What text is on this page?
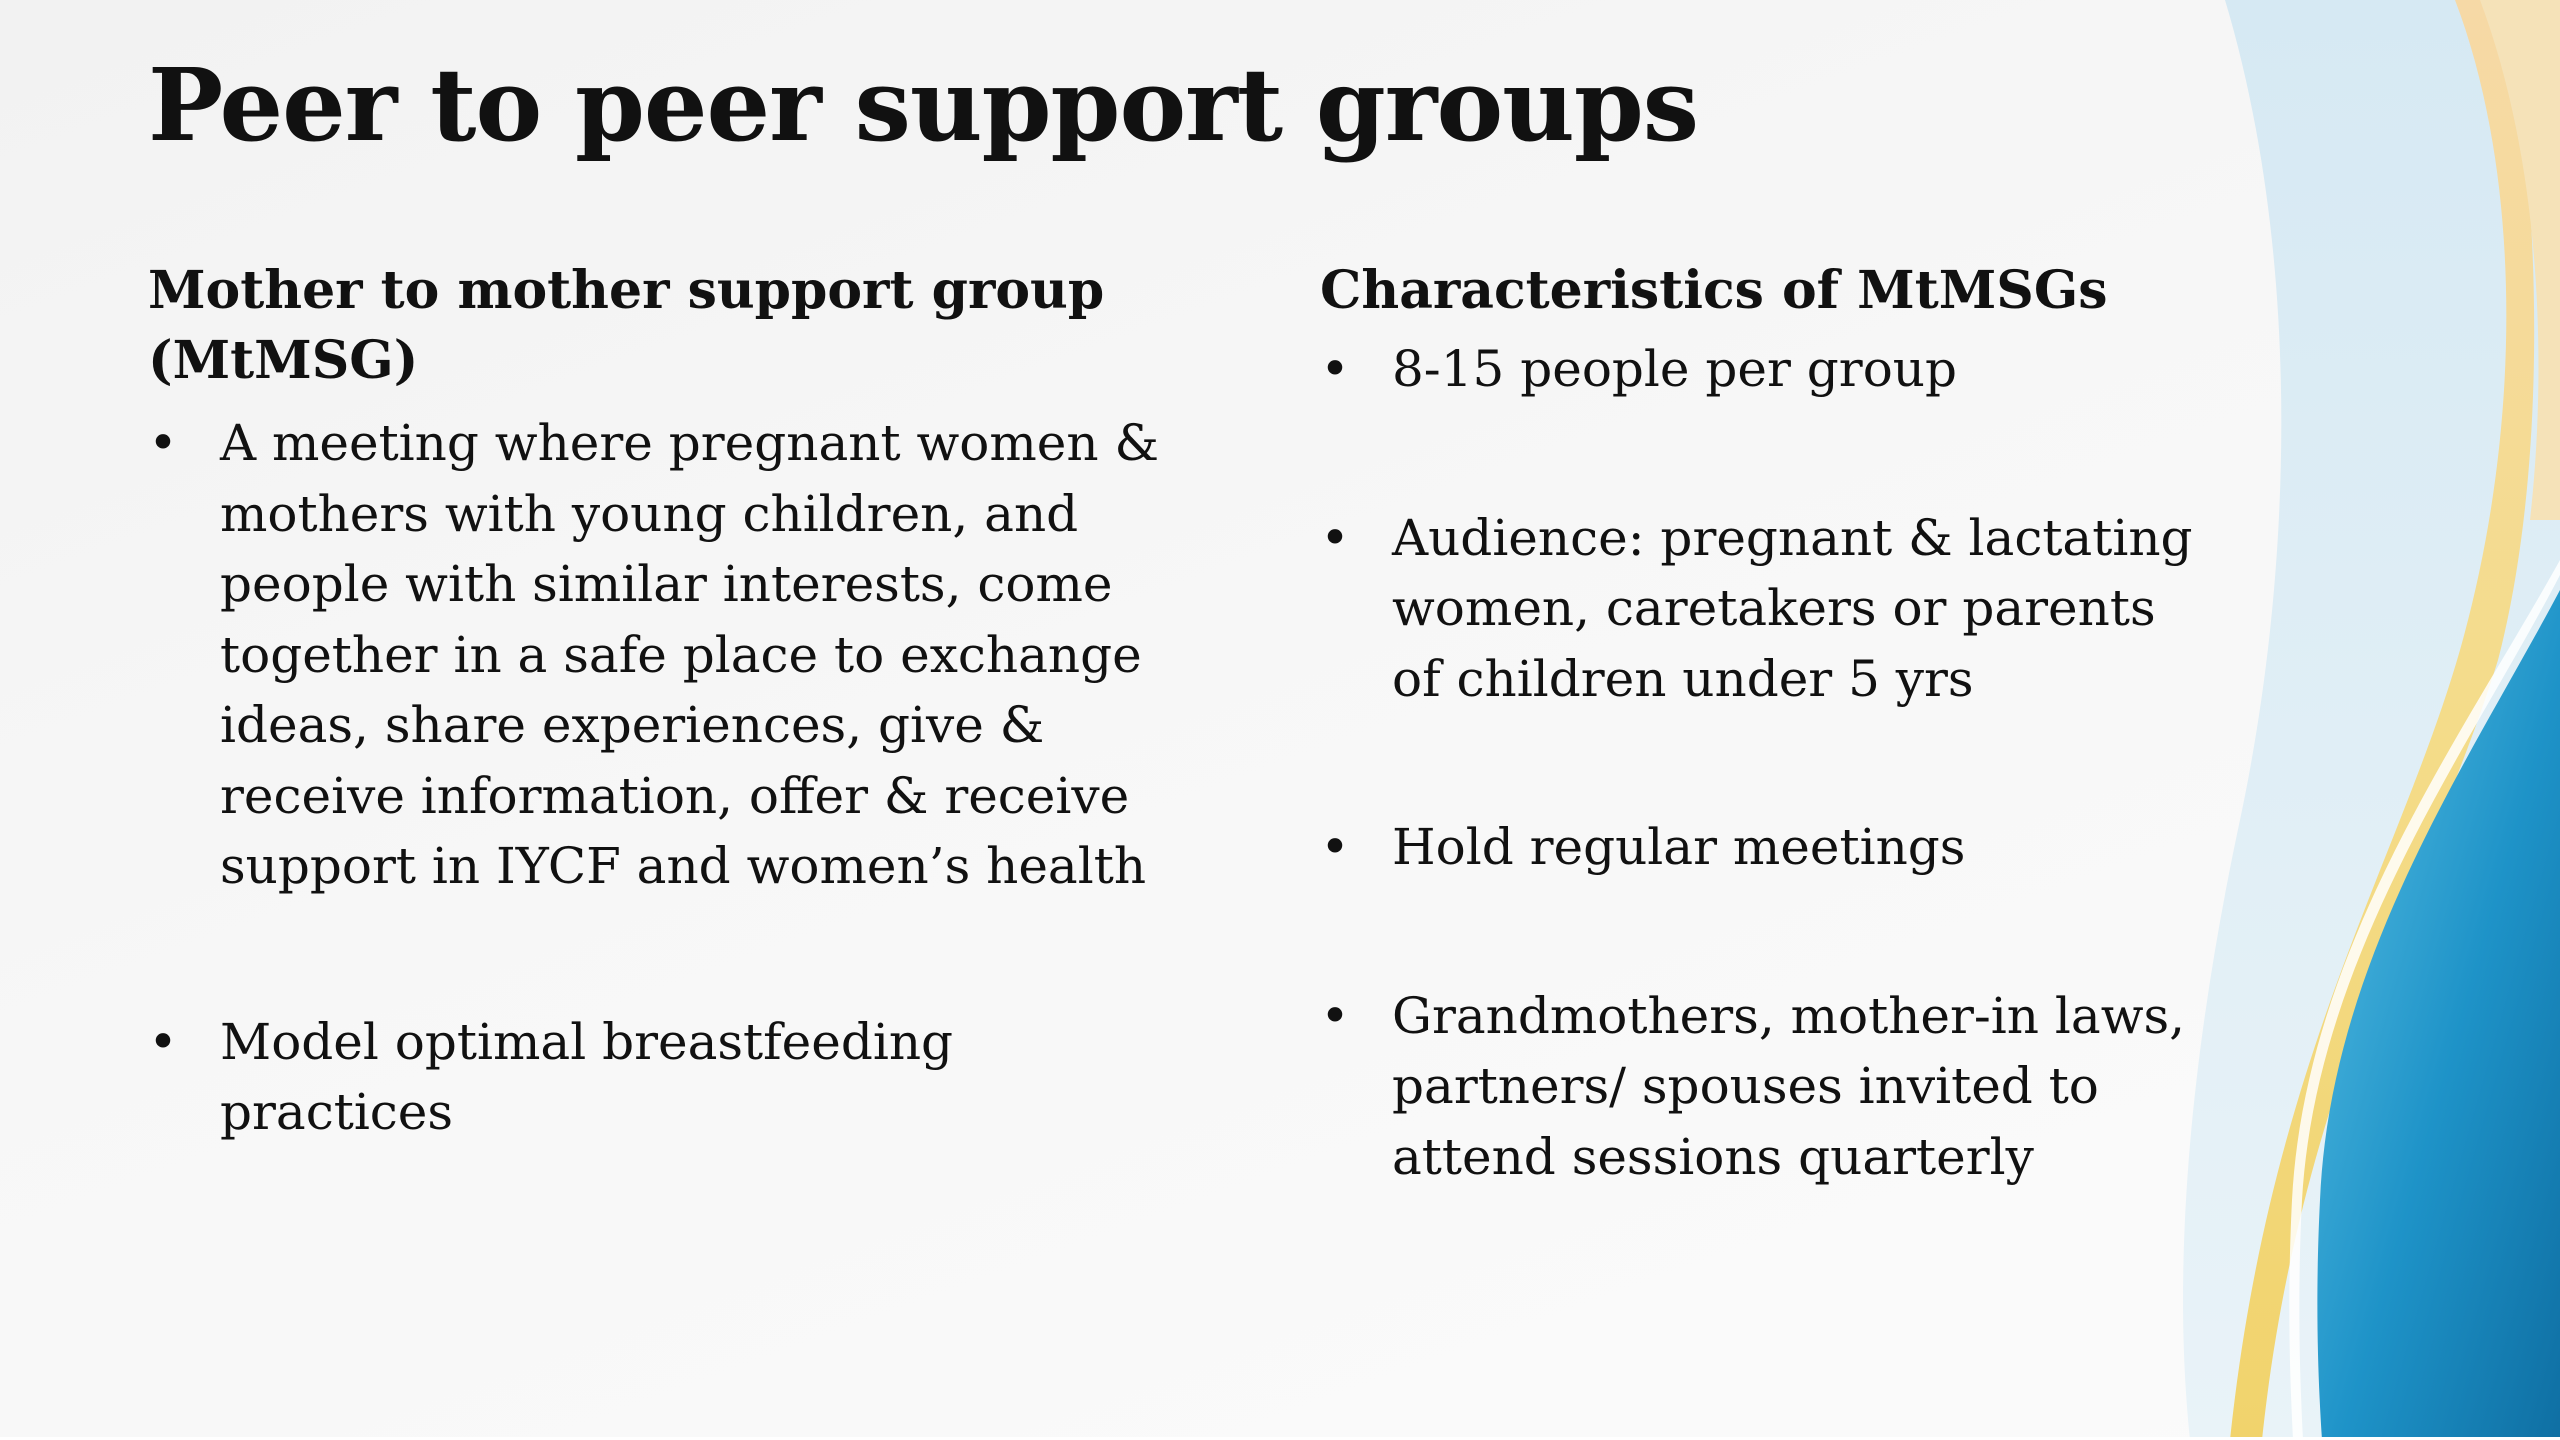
Peer to peer support groups
Mother to mother support group
(MtMSG)
• A meeting where pregnant women &
mothers with young children, and
people with similar interests, come
together in a safe place to exchange
ideas, share experiences, give &
receive information, offer & receive
support in IYCF and women’s health
• Model optimal breastfeeding
practices
Characteristics of MtMSGs
• 8-15 people per group
• Audience: pregnant & lactating
women, caretakers or parents
of children under 5 yrs
• Hold regular meetings
• Grandmothers, mother-in laws,
partners/ spouses invited to
attend sessions quarterly
